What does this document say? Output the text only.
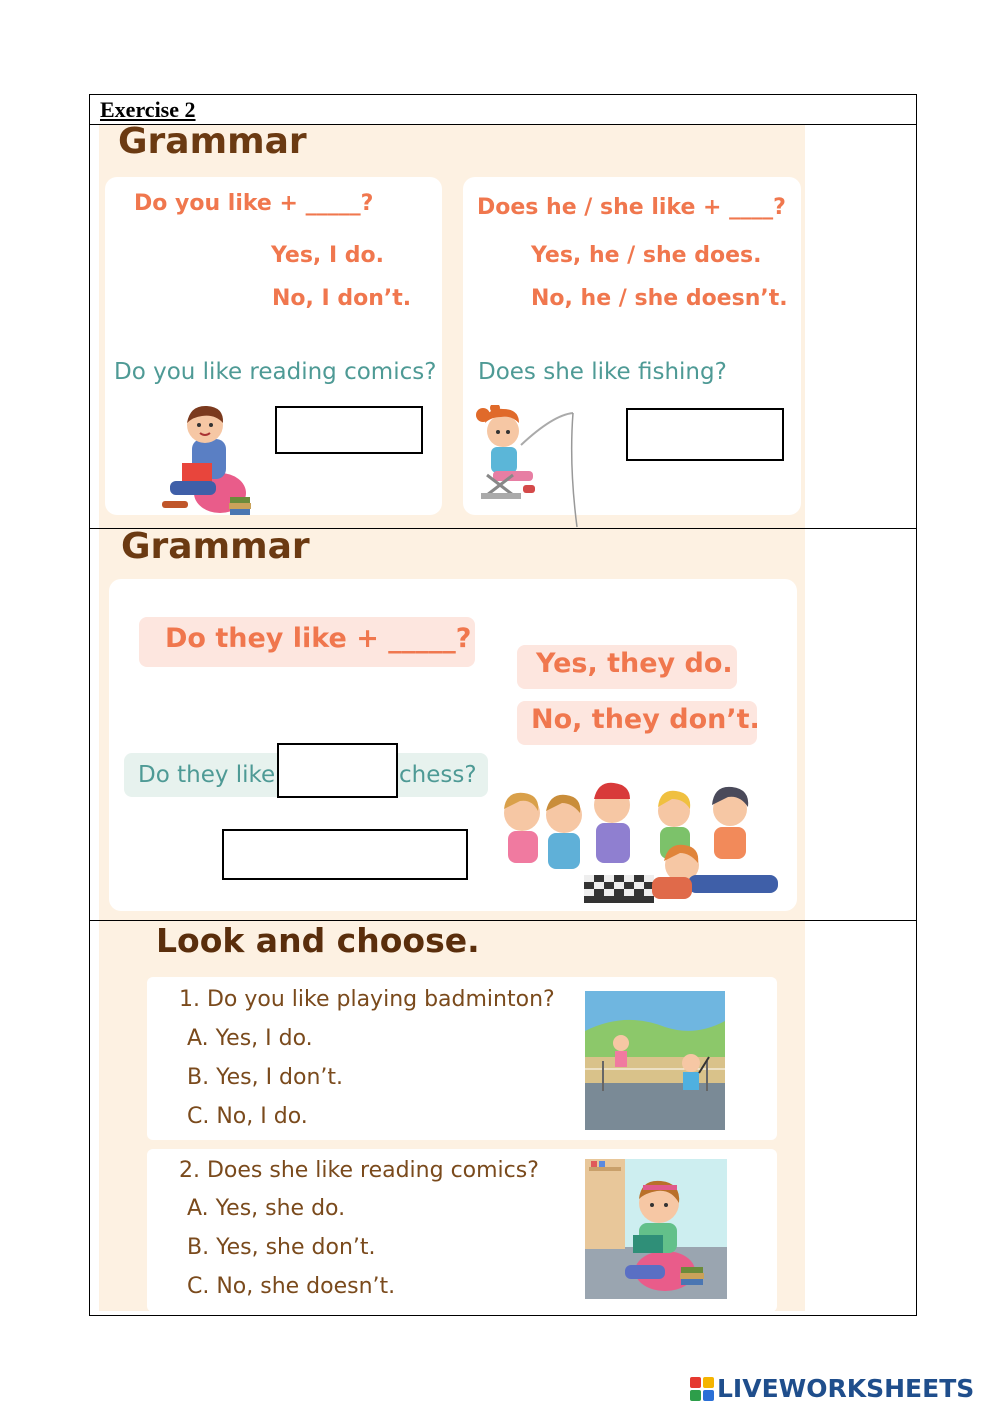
Exercise 2
Grammar
Do you like + _____?
Yes, I do.
No, I don’t.
Do you like reading comics?
Does he / she like + ____?
Yes, he / she does.
No, he / she doesn’t.
Does she like fishing?
Grammar
Do they like + _____?
Yes, they do.
No, they don’t.
Do they like	chess?
Look and choose.
1. Do you like playing badminton?
A. Yes, I do.
B. Yes, I don’t.
C. No, I do.
2. Does she like reading comics?
A. Yes, she do.
B. Yes, she don’t.
C. No, she doesn’t.
LIVEWORKSHEETS
